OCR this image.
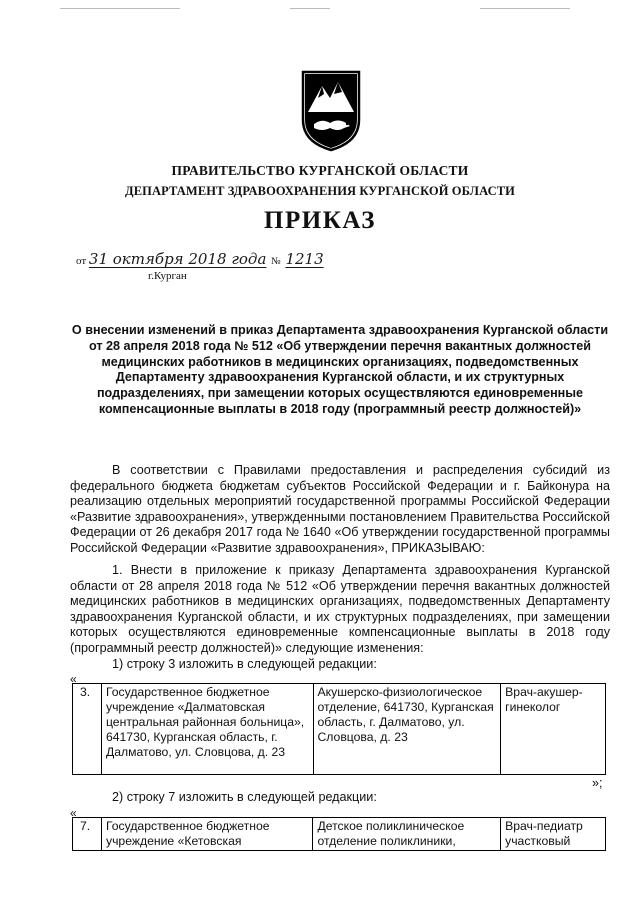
ПРАВИТЕЛЬСТВО КУРГАНСКОЙ ОБЛАСТИ
ДЕПАРТАМЕНТ ЗДРАВООХРАНЕНИЯ КУРГАНСКОЙ ОБЛАСТИ
ПРИКАЗ
от 31 октября 2018 года № 1213
г.Курган
О внесении изменений в приказ Департамента здравоохранения Курганской области от 28 апреля 2018 года № 512 «Об утверждении перечня вакантных должностей медицинских работников в медицинских организациях, подведомственных Департаменту здравоохранения Курганской области, и их структурных подразделениях, при замещении которых осуществляются единовременные компенсационные выплаты в 2018 году (программный реестр должностей)»
В соответствии с Правилами предоставления и распределения субсидий из федерального бюджета бюджетам субъектов Российской Федерации и г. Байконура на реализацию отдельных мероприятий государственной программы Российской Федерации «Развитие здравоохранения», утвержденными постановлением Правительства Российской Федерации от 26 декабря 2017 года № 1640 «Об утверждении государственной программы Российской Федерации «Развитие здравоохранения», ПРИКАЗЫВАЮ:
1. Внести в приложение к приказу Департамента здравоохранения Курганской области от 28 апреля 2018 года № 512 «Об утверждении перечня вакантных должностей медицинских работников в медицинских организациях, подведомственных Департаменту здравоохранения Курганской области, и их структурных подразделениях, при замещении которых осуществляются единовременные компенсационные выплаты в 2018 году (программный реестр должностей)» следующие изменения:
1) строку 3 изложить в следующей редакции:
«
3.	Государственное бюджетное учреждение «Далматовская центральная районная больница», 641730, Курганская область, г. Далматово, ул. Словцова, д. 23	Акушерско-физиологическое отделение, 641730, Курганская область, г. Далматово, ул. Словцова, д. 23	Врач-акушер-гинеколог
»;
2) строку 7 изложить в следующей редакции:
«
7.	Государственное бюджетное учреждение «Кетовская	Детское поликлиническое отделение поликлиники,	Врач-педиатр участковый
